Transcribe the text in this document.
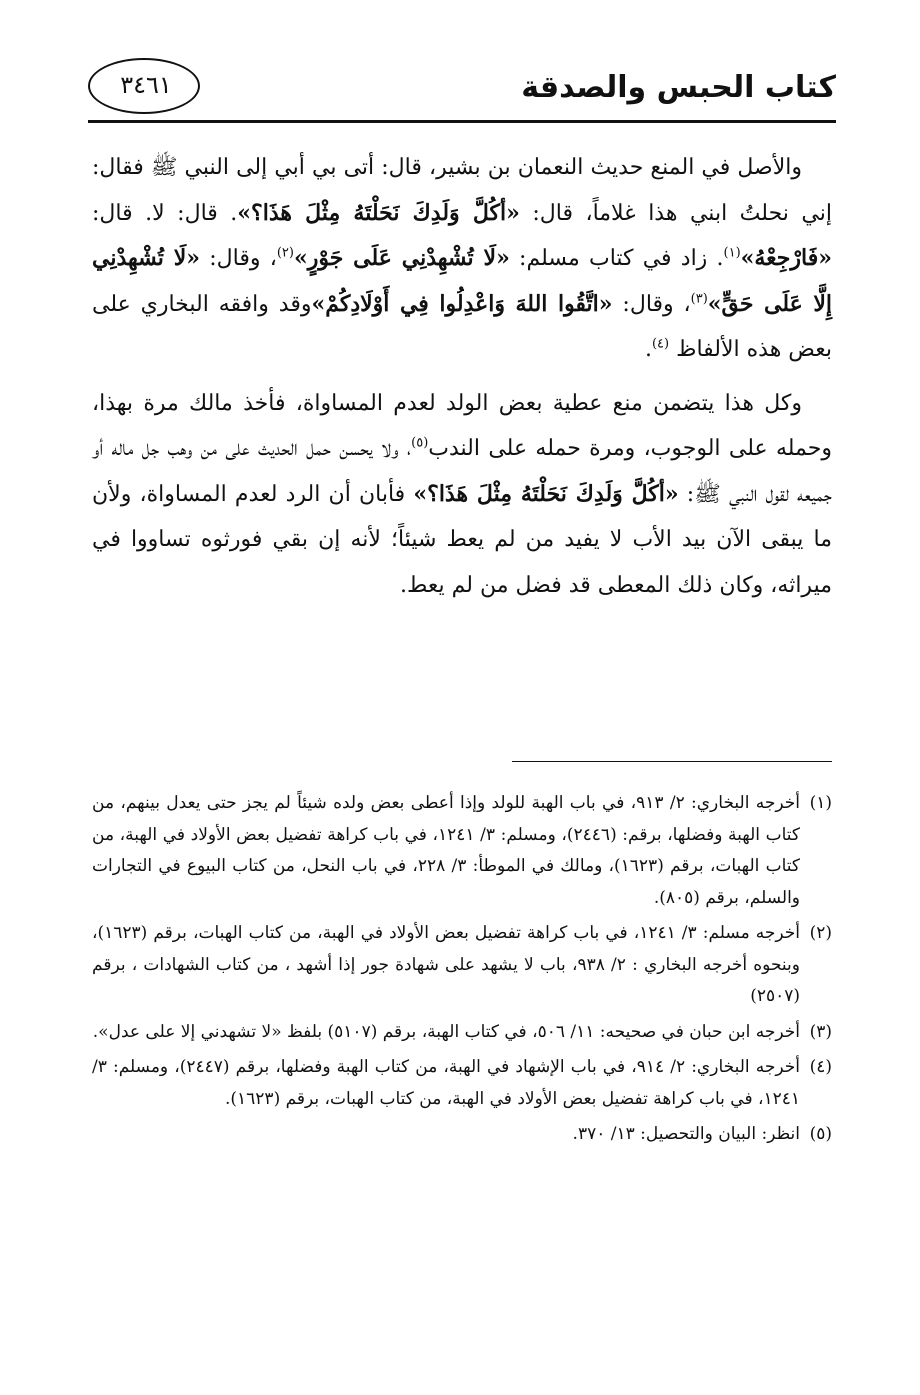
٣٤٦١	كتاب الحبس والصدقة

والأصل في المنع حديث النعمان بن بشير، قال: أتى بي أبي إلى النبي ﷺ فقال: إني نحلتُ ابني هذا غلاماً، قال: «أكُلَّ وَلَدِكَ نَحَلْتَهُ مِثْلَ هَذَا؟». قال: لا. قال: «فَارْجِعْهُ»$^{(١)}$. زاد في كتاب مسلم: «لَا تُشْهِدْنِي عَلَى جَوْرٍ»$^{(٢)}$، وقال: «لَا تُشْهِدْنِي إِلَّا عَلَى حَقٍّ»$^{(٣)}$، وقال: «اتَّقُوا اللهَ وَاعْدِلُوا فِي أَوْلَادِكُمْ»وقد وافقه البخاري على بعض هذه الألفاظ $^{(٤)}$.

وكل هذا يتضمن منع عطية بعض الولد لعدم المساواة، فأخذ مالك مرة بهذا، وحمله على الوجوب، ومرة حمله على الندب$^{(٥)}$، ولا يحسن حمل الحديث على من وهب جل ماله أو جميعه لقول النبي ﷺ: «أكُلَّ وَلَدِكَ نَحَلْتَهُ مِثْلَ هَذَا؟» فأبان أن الرد لعدم المساواة، ولأن ما يبقى الآن بيد الأب لا يفيد من لم يعط شيئاً؛ لأنه إن بقي فورثوه تساووا في ميراثه، وكان ذلك المعطى قد فضل من لم يعط.

(١)
أخرجه البخاري: ٢/ ٩١٣، في باب الهبة للولد وإذا أعطى بعض ولده شيئاً لم يجز حتى يعدل بينهم، من كتاب الهبة وفضلها، برقم: (٢٤٤٦)، ومسلم: ٣/ ١٢٤١، في باب كراهة تفضيل بعض الأولاد في الهبة، من كتاب الهبات، برقم (١٦٢٣)، ومالك في الموطأ: ٣/ ٢٢٨، في باب النحل، من كتاب البيوع في التجارات والسلم، برقم (٨٠٥).
(٢)
أخرجه مسلم: ٣/ ١٢٤١، في باب كراهة تفضيل بعض الأولاد في الهبة، من كتاب الهبات، برقم (١٦٢٣)، وبنحوه أخرجه البخاري : ٢/ ٩٣٨، باب لا يشهد على شهادة جور إذا أشهد ، من كتاب الشهادات ، برقم (٢٥٠٧)
(٣)
أخرجه ابن حبان في صحيحه: ١١/ ٥٠٦، في كتاب الهبة، برقم (٥١٠٧) بلفظ «لا تشهدني إلا على عدل».
(٤)
أخرجه البخاري: ٢/ ٩١٤، في باب الإشهاد في الهبة، من كتاب الهبة وفضلها، برقم (٢٤٤٧)، ومسلم: ٣/ ١٢٤١، في باب كراهة تفضيل بعض الأولاد في الهبة، من كتاب الهبات، برقم (١٦٢٣).
(٥)
انظر: البيان والتحصيل: ١٣/ ٣٧٠.
